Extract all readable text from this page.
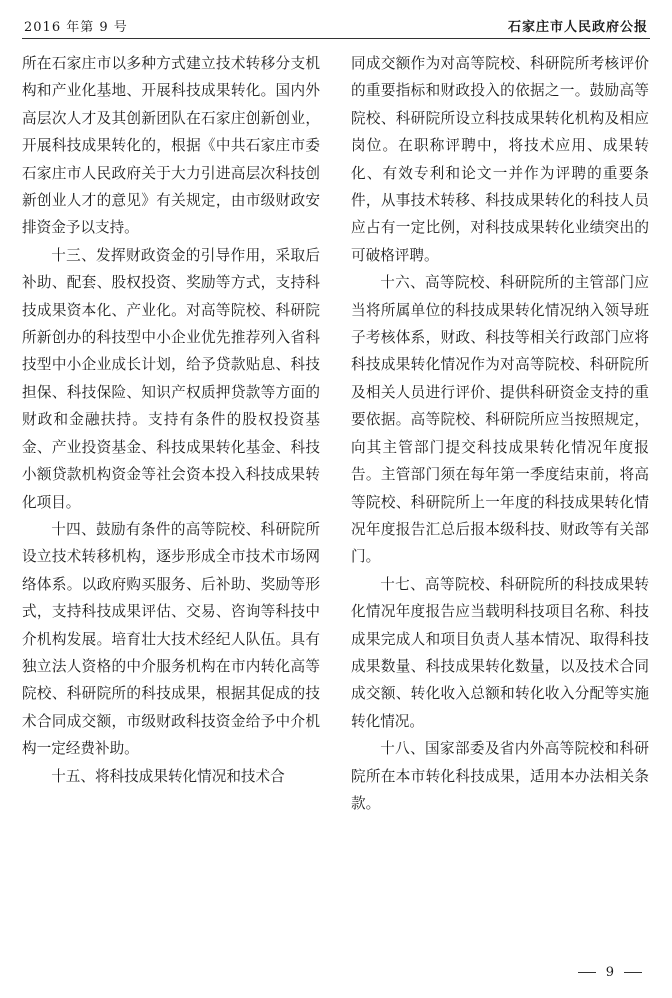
2016 年第 9 号	石家庄市人民政府公报

所在石家庄市以多种方式建立技术转移分支机构和产业化基地、开展科技成果转化。国内外高层次人才及其创新团队在石家庄创新创业，开展科技成果转化的，根据《中共石家庄市委石家庄市人民政府关于大力引进高层次科技创新创业人才的意见》有关规定，由市级财政安排资金予以支持。

十三、发挥财政资金的引导作用，采取后补助、配套、股权投资、奖励等方式，支持科技成果资本化、产业化。对高等院校、科研院所新创办的科技型中小企业优先推荐列入省科技型中小企业成长计划，给予贷款贴息、科技担保、科技保险、知识产权质押贷款等方面的财政和金融扶持。支持有条件的股权投资基金、产业投资基金、科技成果转化基金、科技小额贷款机构资金等社会资本投入科技成果转化项目。

十四、鼓励有条件的高等院校、科研院所设立技术转移机构，逐步形成全市技术市场网络体系。以政府购买服务、后补助、奖励等形式，支持科技成果评估、交易、咨询等科技中介机构发展。培育壮大技术经纪人队伍。具有独立法人资格的中介服务机构在市内转化高等院校、科研院所的科技成果，根据其促成的技术合同成交额，市级财政科技资金给予中介机构一定经费补助。

十五、将科技成果转化情况和技术合

同成交额作为对高等院校、科研院所考核评价的重要指标和财政投入的依据之一。鼓励高等院校、科研院所设立科技成果转化机构及相应岗位。在职称评聘中，将技术应用、成果转化、有效专利和论文一并作为评聘的重要条件，从事技术转移、科技成果转化的科技人员应占有一定比例，对科技成果转化业绩突出的可破格评聘。

十六、高等院校、科研院所的主管部门应当将所属单位的科技成果转化情况纳入领导班子考核体系，财政、科技等相关行政部门应将科技成果转化情况作为对高等院校、科研院所及相关人员进行评价、提供科研资金支持的重要依据。高等院校、科研院所应当按照规定，向其主管部门提交科技成果转化情况年度报告。主管部门须在每年第一季度结束前，将高等院校、科研院所上一年度的科技成果转化情况年度报告汇总后报本级科技、财政等有关部门。

十七、高等院校、科研院所的科技成果转化情况年度报告应当载明科技项目名称、科技成果完成人和项目负责人基本情况、取得科技成果数量、科技成果转化数量，以及技术合同成交额、转化收入总额和转化收入分配等实施转化情况。

十八、国家部委及省内外高等院校和科研院所在本市转化科技成果，适用本办法相关条款。

9
